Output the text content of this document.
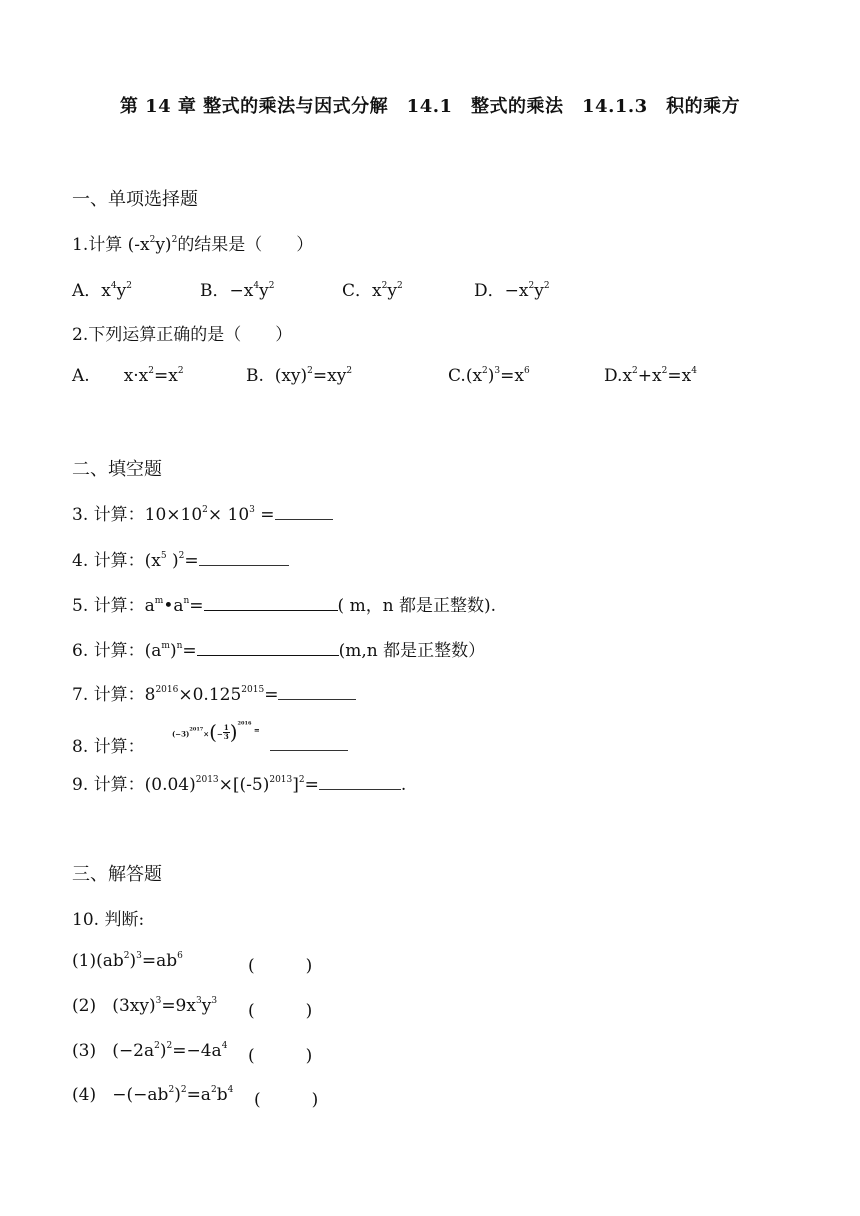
第 14 章 整式的乘法与因式分解　14.1　整式的乘法　14.1.3　积的乘方
一、单项选择题
1.计算 $(-x^2y)^2$的结果是（　　）
A．$x^4y^2$	B．$-x^4y^2$	C．$x^2y^2$	D．$-x^2y^2$
2.下列运算正确的是（　　）
A. $x\cdot x^2=x^2$	B.  $(xy)^2=xy^2$	$C.(x^2)^3=x^6$	$D.x^2+x^2=x^4$
二、填空题
3. 计算：$10\times 10^2\times 10^3$ =
4. 计算：($x^5$ )$^2$=
5. 计算：$a^m•a^n=$	( m，n 都是正整数).
6. 计算：$(a^m)^n=$	(m,n 都是正整数）
7. 计算：$8^{2016}\times 0.125^{2015}=$
8. 计算：
$(-3)^{2017}\times(- \frac{1}{3} )^{2016}$ =
9. 计算：$(0.04)^{2013}\times[(-5)^{2013}]^2=$	.
三、解答题
10. 判断:
$(1)(ab^2)^3=ab^6$	(　　　)
(2)   $(3xy)^3=9x^3y^3$ (　　　)
(3)   $(-2a^2)^2=-4a^4$ (　　　)
$(4) -(-ab^2)^2=a^2b^4$ (　　　)
